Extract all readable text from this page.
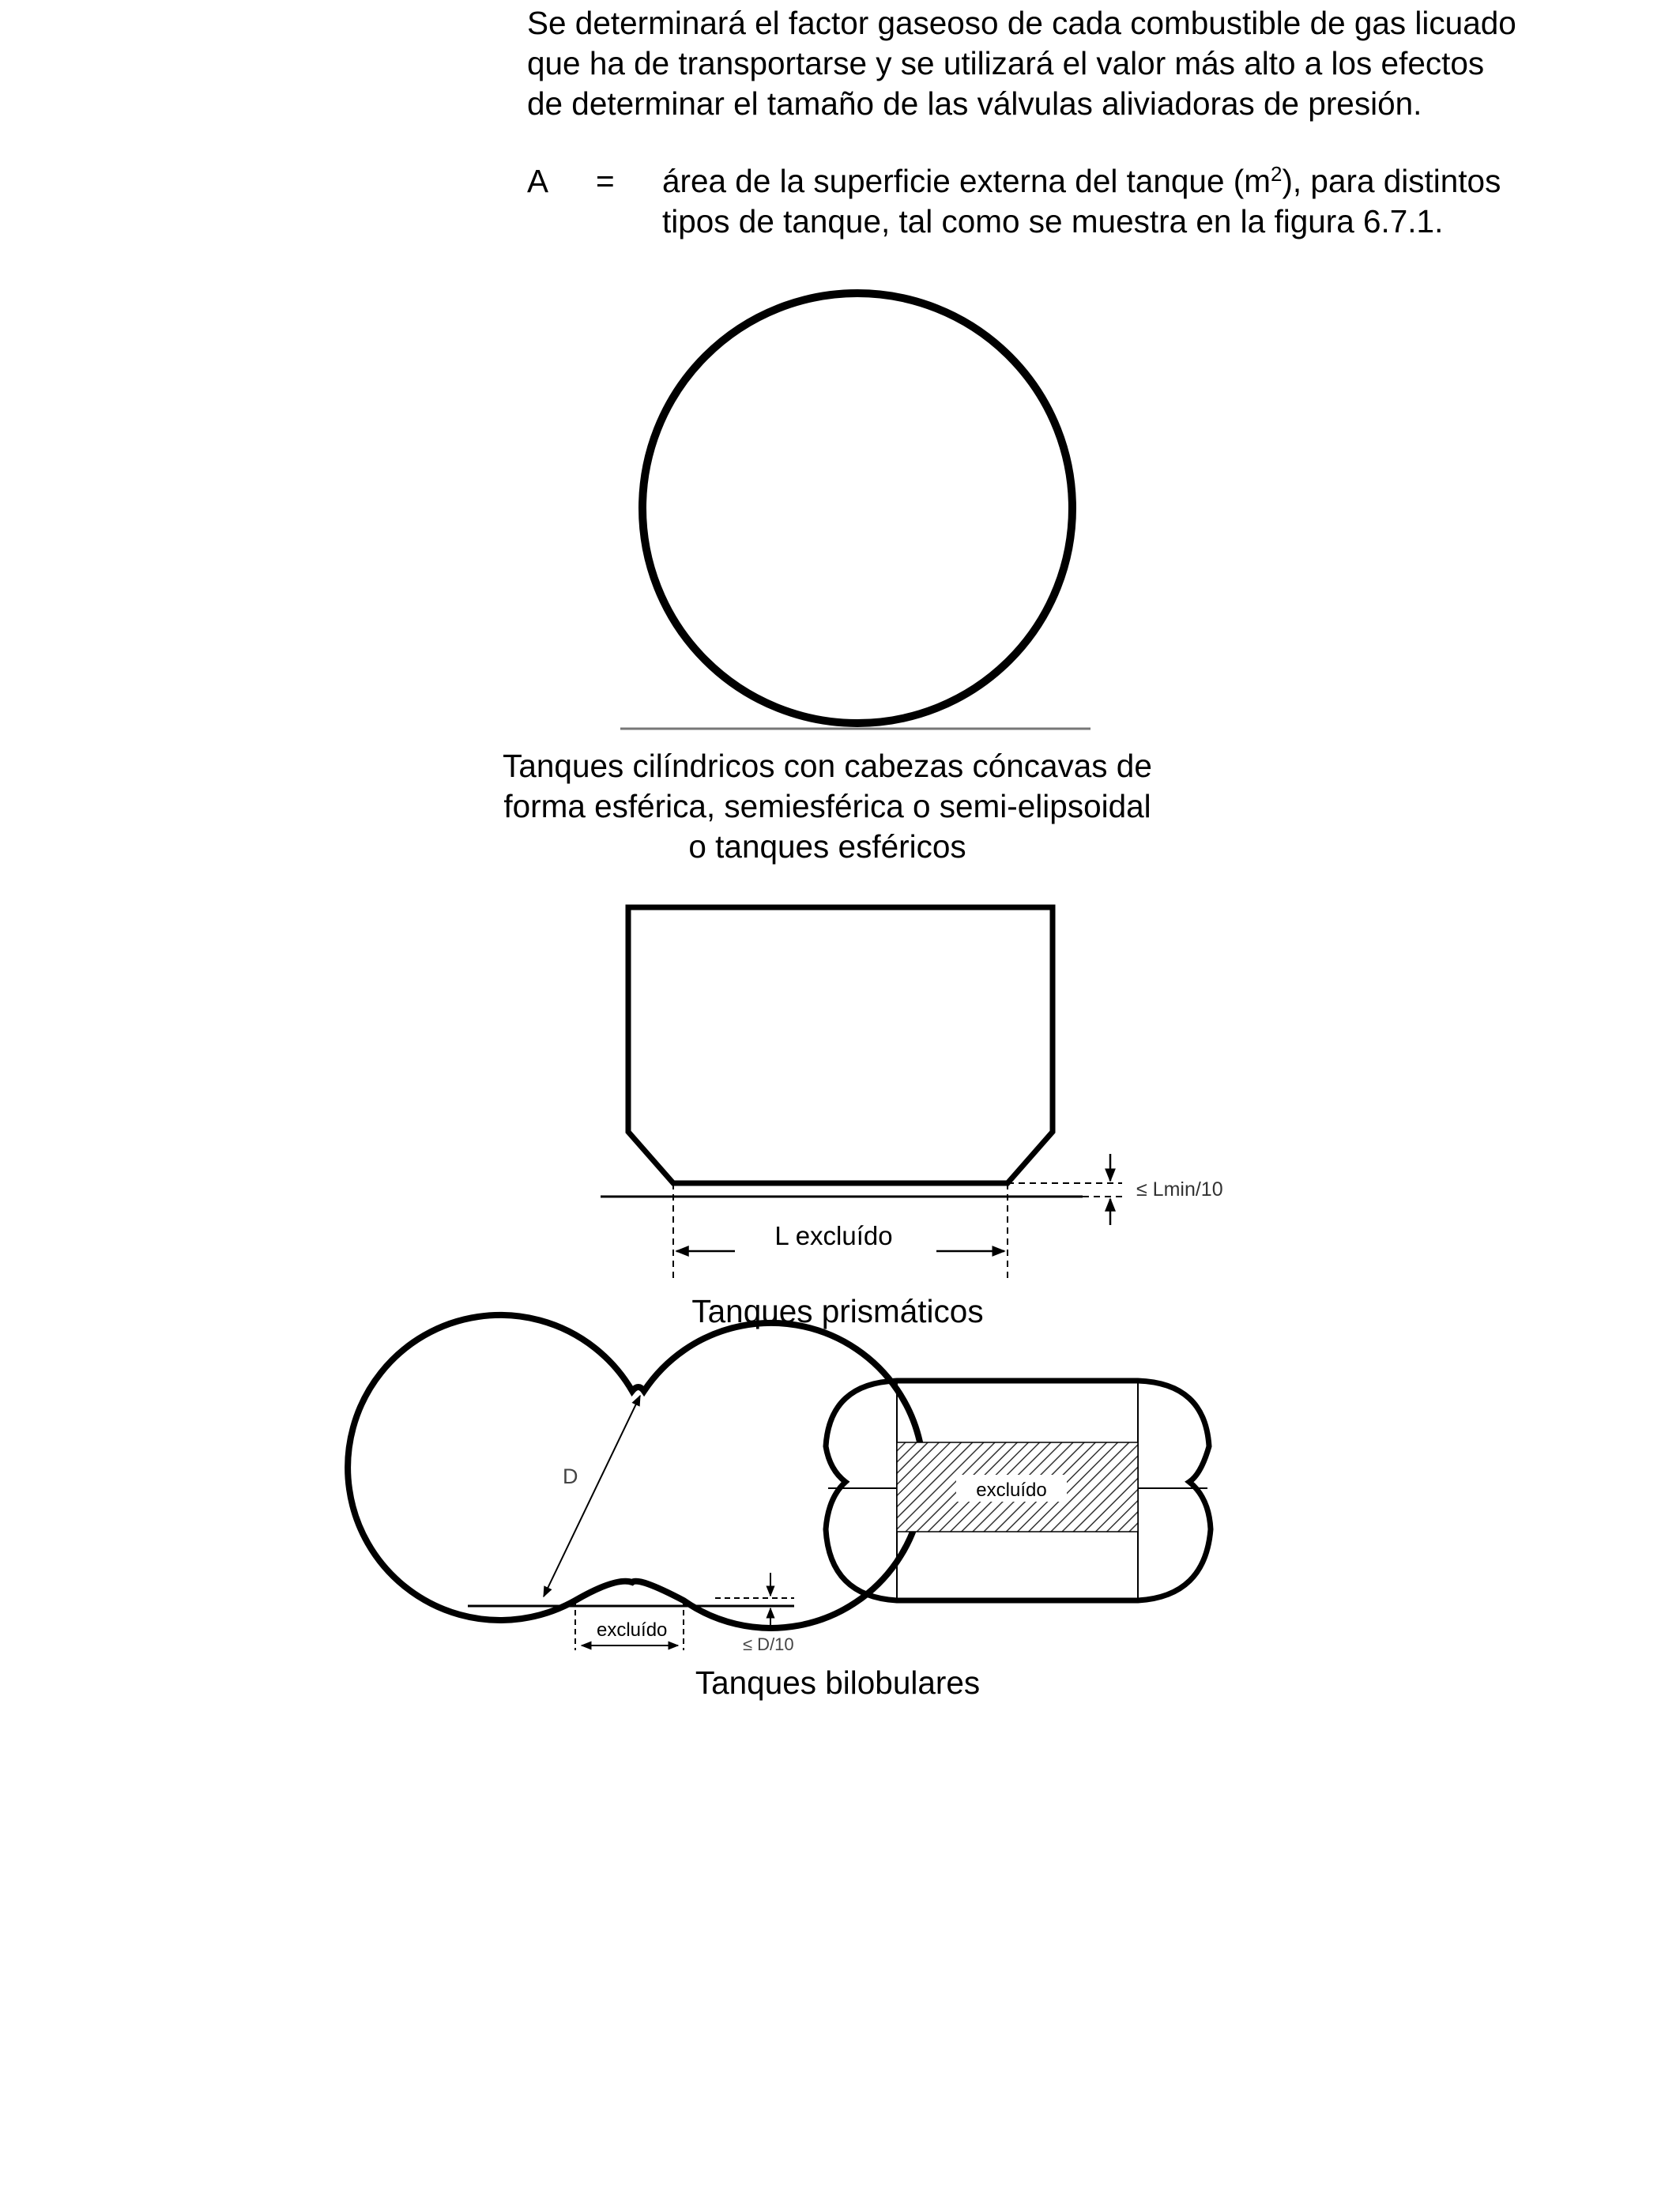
Se determinará el factor gaseoso de cada combustible de gas licuado
que ha de transportarse y se utilizará el valor más alto a los efectos
de determinar el tamaño de las válvulas aliviadoras de presión.
A = área de la superficie externa del tanque $(m^2)$, para distintos
tipos de tanque, tal como se muestra en la figura 6.7.1.
L excluído
≤ Lmin/10
D
excluído
≤ D/10
excluído
Tanques cilíndricos con cabezas cóncavas de
forma esférica, semiesférica o semi-elipsoidal
o tanques esféricos
Tanques prismáticos
Tanques bilobulares
